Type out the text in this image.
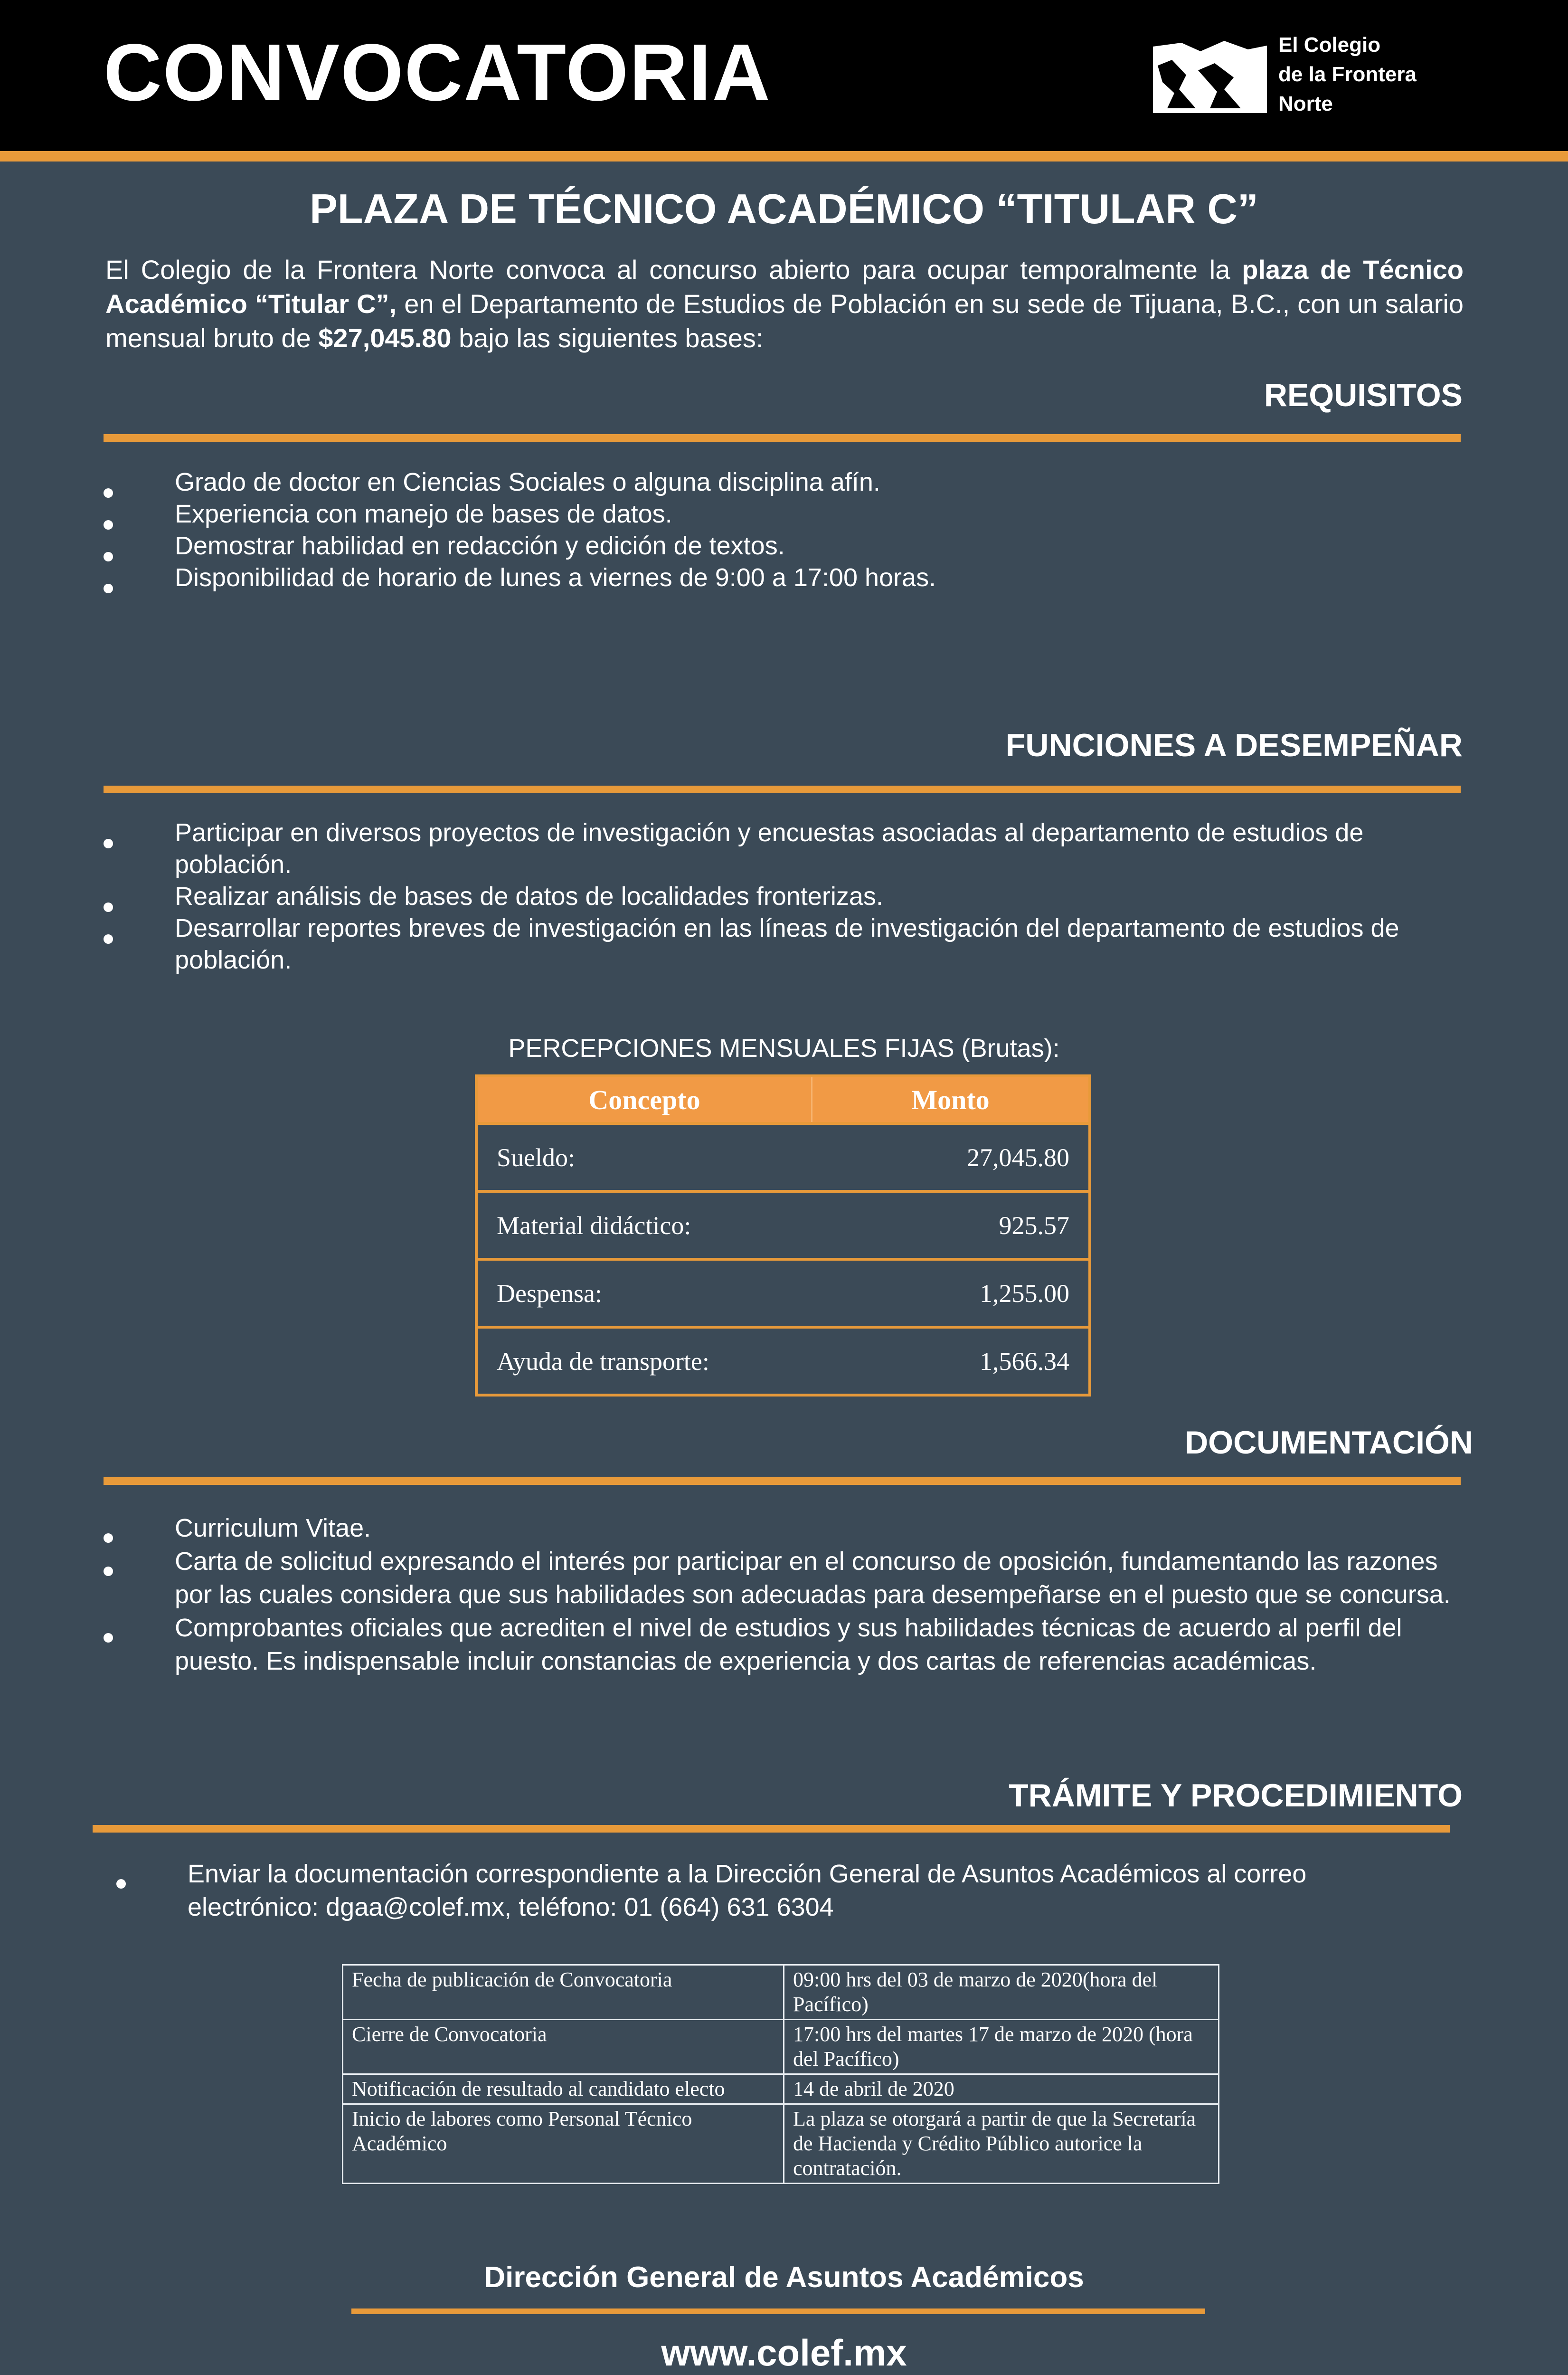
CONVOCATORIA	El Colegio
de la Frontera
Norte
PLAZA DE TÉCNICO ACADÉMICO “TITULAR C”

El Colegio de la Frontera Norte convoca al concurso abierto para ocupar temporalmente la plaza de Técnico Académico “Titular C”, en el Departamento de Estudios de Población en su sede de Tijuana, B.C., con un salario mensual bruto de $27,045.80 bajo las siguientes bases:

REQUISITOS
Grado de doctor en Ciencias Sociales o alguna disciplina afín.
Experiencia con manejo de bases de datos.
Demostrar habilidad en redacción y edición de textos.
Disponibilidad de horario de lunes a viernes de 9:00 a 17:00 horas.
FUNCIONES A DESEMPEÑAR
Participar en diversos proyectos de investigación y encuestas asociadas al departamento de estudios de población.
Realizar análisis de bases de datos de localidades fronterizas.
Desarrollar reportes breves de investigación en las líneas de investigación del departamento de estudios de población.
PERCEPCIONES MENSUALES FIJAS (Brutas):
Concepto	Monto
Sueldo:	27,045.80
Material didáctico:	925.57
Despensa:	1,255.00
Ayuda de transporte:	1,566.34
DOCUMENTACIÓN
Curriculum Vitae.
Carta de solicitud expresando el interés por participar en el concurso de oposición, fundamentando las razones por las cuales considera que sus habilidades son adecuadas para desempeñarse en el puesto que se concursa.
Comprobantes oficiales que acrediten el nivel de estudios y sus habilidades técnicas de acuerdo al perfil del puesto. Es indispensable incluir constancias de experiencia y dos cartas de referencias académicas.
TRÁMITE Y PROCEDIMIENTO
Enviar la documentación correspondiente a la Dirección General de Asuntos Académicos al correo electrónico: dgaa@colef.mx, teléfono: 01 (664) 631 6304
Fecha de publicación de Convocatoria	09:00 hrs del 03 de marzo de 2020(hora del Pacífico)
Cierre de Convocatoria	17:00 hrs del martes 17 de marzo de 2020 (hora del Pacífico)
Notificación de resultado al candidato electo	14 de abril de 2020
Inicio de labores como Personal Técnico Académico	La plaza se otorgará a partir de que la Secretaría de Hacienda y Crédito Público autorice la contratación.
Dirección General de Asuntos Académicos
www.colef.mx
